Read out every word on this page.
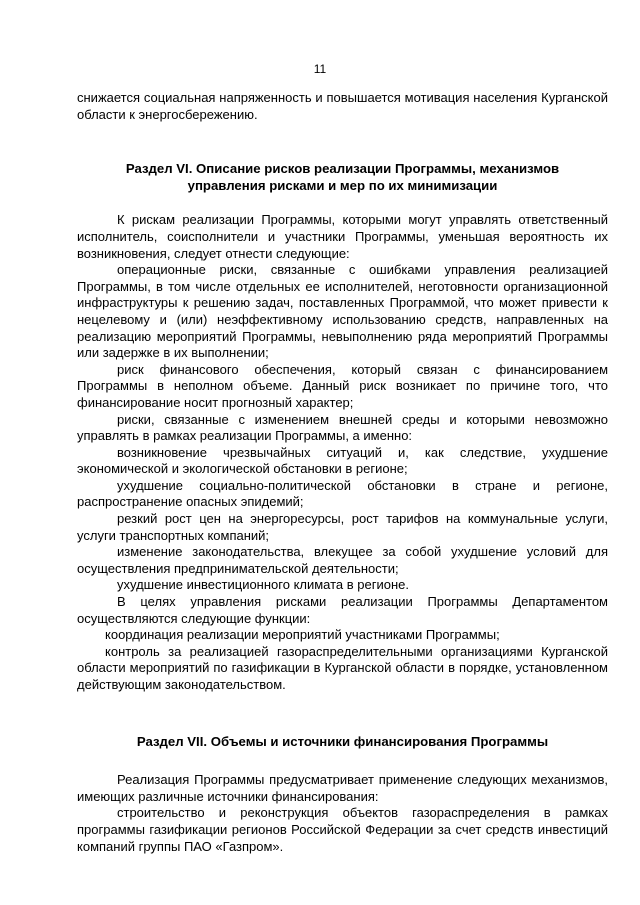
11

снижается социальная напряженность и повышается мотивация населения Курганской области к энергосбережению.

Раздел VI. Описание рисков реализации Программы, механизмов управления рисками и мер по их минимизации

К рискам реализации Программы, которыми могут управлять ответственный исполнитель, соисполнители и участники Программы, уменьшая вероятность их возникновения, следует отнести следующие:

операционные риски, связанные с ошибками управления реализацией Программы, в том числе отдельных ее исполнителей, неготовности организационной инфраструктуры к решению задач, поставленных Программой, что может привести к нецелевому и (или) неэффективному использованию средств, направленных на реализацию мероприятий Программы, невыполнению ряда мероприятий Программы или задержке в их выполнении;

риск финансового обеспечения, который связан с финансированием Программы в неполном объеме. Данный риск возникает по причине того, что финансирование носит прогнозный характер;

риски, связанные с изменением внешней среды и которыми невозможно управлять в рамках реализации Программы, а именно:

возникновение чрезвычайных ситуаций и, как следствие, ухудшение экономической и экологической обстановки в регионе;

ухудшение социально-политической обстановки в стране и регионе, распространение опасных эпидемий;

резкий рост цен на энергоресурсы, рост тарифов на коммунальные услуги, услуги транспортных компаний;

изменение законодательства, влекущее за собой ухудшение условий для осуществления предпринимательской деятельности;

ухудшение инвестиционного климата в регионе.

В целях управления рисками реализации Программы Департаментом осуществляются следующие функции:

координация реализации мероприятий участниками Программы;

контроль за реализацией газораспределительными организациями Курганской области мероприятий по газификации в Курганской области в порядке, установленном действующим законодательством.

Раздел VII. Объемы и источники финансирования Программы

Реализация Программы предусматривает применение следующих механизмов, имеющих различные источники финансирования:

строительство и реконструкция объектов газораспределения в рамках программы газификации регионов Российской Федерации за счет средств инвестиций компаний группы ПАО «Газпром».
